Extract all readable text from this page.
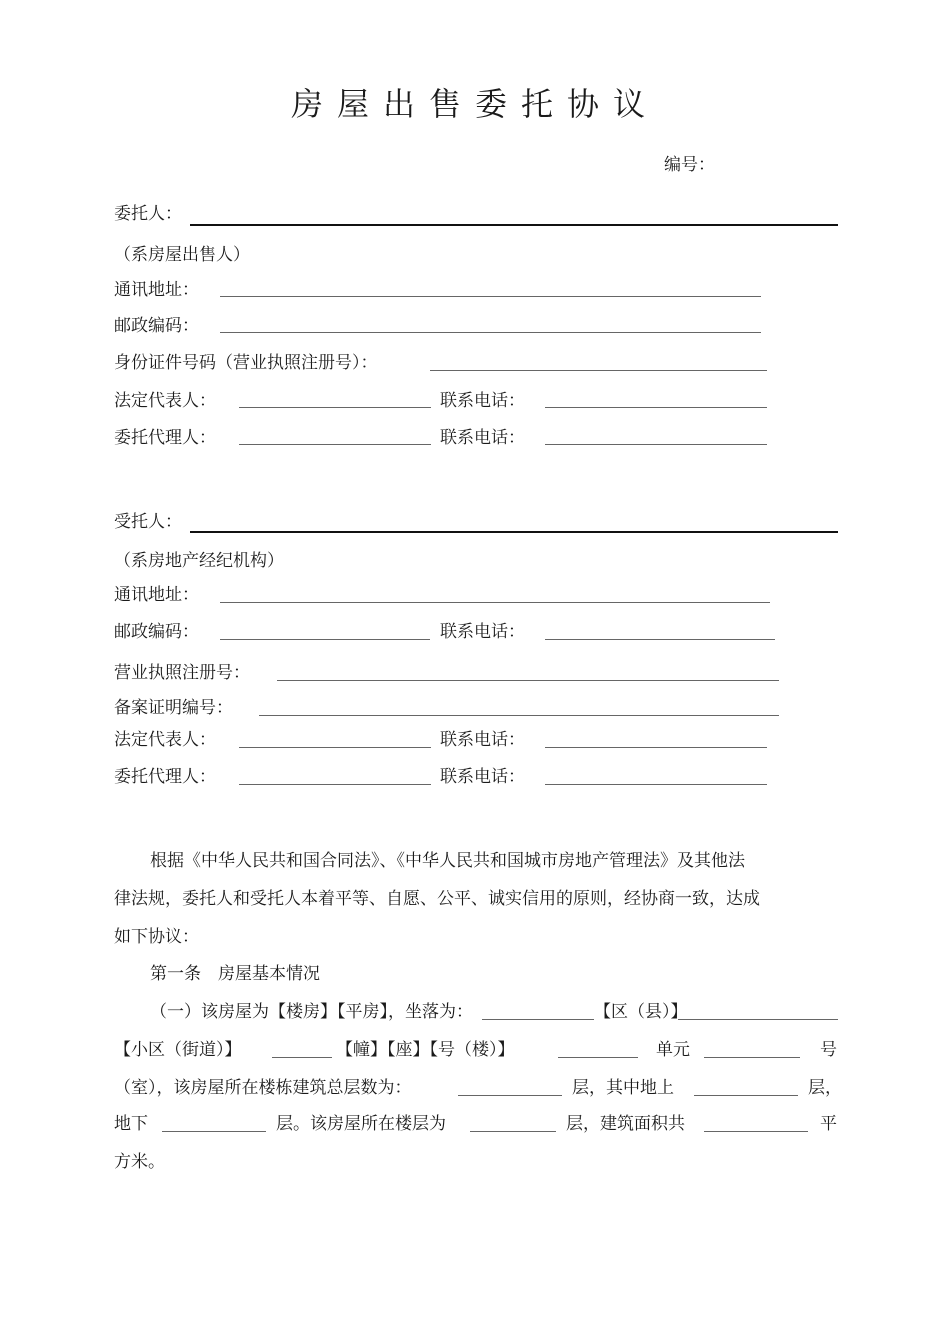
房屋出售委托协议
编号：
委托人：
（系房屋出售人）
通讯地址：
邮政编码：
身份证件号码（营业执照注册号）：
法定代表人：	联系电话：
委托代理人：	联系电话：
受托人：
（系房地产经纪机构）
通讯地址：
邮政编码：	联系电话：
营业执照注册号：
备案证明编号：
法定代表人：	联系电话：
委托代理人：	联系电话：
根据《中华人民共和国合同法》、《中华人民共和国城市房地产管理法》及其他法
律法规，委托人和受托人本着平等、自愿、公平、诚实信用的原则，经协商一致，达成
如下协议：
第一条　房屋基本情况
（一）该房屋为【楼房】【平房】，坐落为：	【区（县）】
【小区（街道）】	【幢】【座】【号（楼）】	单元	号
（室），该房屋所在楼栋建筑总层数为：	层，其中地上	层，
地下	层。该房屋所在楼层为	层，建筑面积共	平
方米。
